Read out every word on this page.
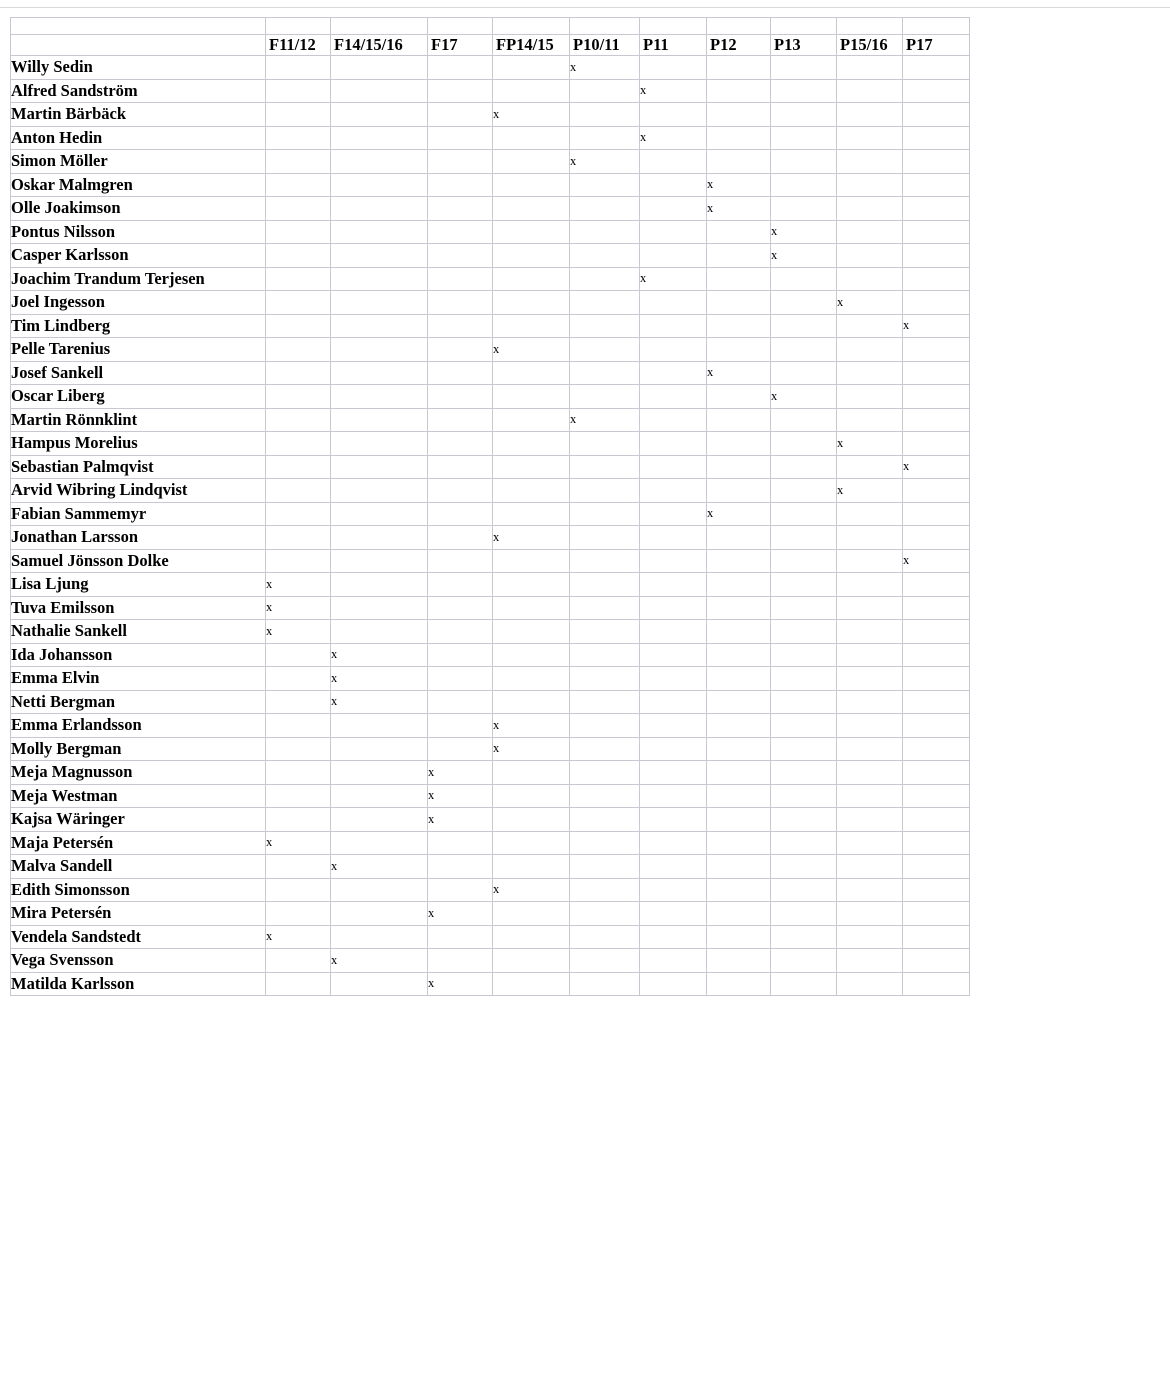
	F11/12	F14/15/16	F17	FP14/15	P10/11	P11	P12	P13	P15/16	P17
Willy Sedin					x					
Alfred Sandström						x				
Martin Bärbäck				x						
Anton Hedin						x				
Simon Möller					x					
Oskar Malmgren							x			
Olle Joakimson							x			
Pontus Nilsson								x		
Casper Karlsson								x		
Joachim Trandum Terjesen						x				
Joel Ingesson									x	
Tim Lindberg										x
Pelle Tarenius				x						
Josef Sankell							x			
Oscar Liberg								x		
Martin Rönnklint					x					
Hampus Morelius									x	
Sebastian Palmqvist										x
Arvid Wibring Lindqvist									x	
Fabian Sammemyr							x			
Jonathan Larsson				x						
Samuel Jönsson Dolke										x
Lisa Ljung	x									
Tuva Emilsson	x									
Nathalie Sankell	x									
Ida Johansson		x								
Emma Elvin		x								
Netti Bergman		x								
Emma Erlandsson				x						
Molly Bergman				x						
Meja Magnusson			x							
Meja Westman			x							
Kajsa Wäringer			x							
Maja Petersén	x									
Malva Sandell		x								
Edith Simonsson				x						
Mira Petersén			x							
Vendela Sandstedt	x									
Vega Svensson		x								
Matilda Karlsson			x							
